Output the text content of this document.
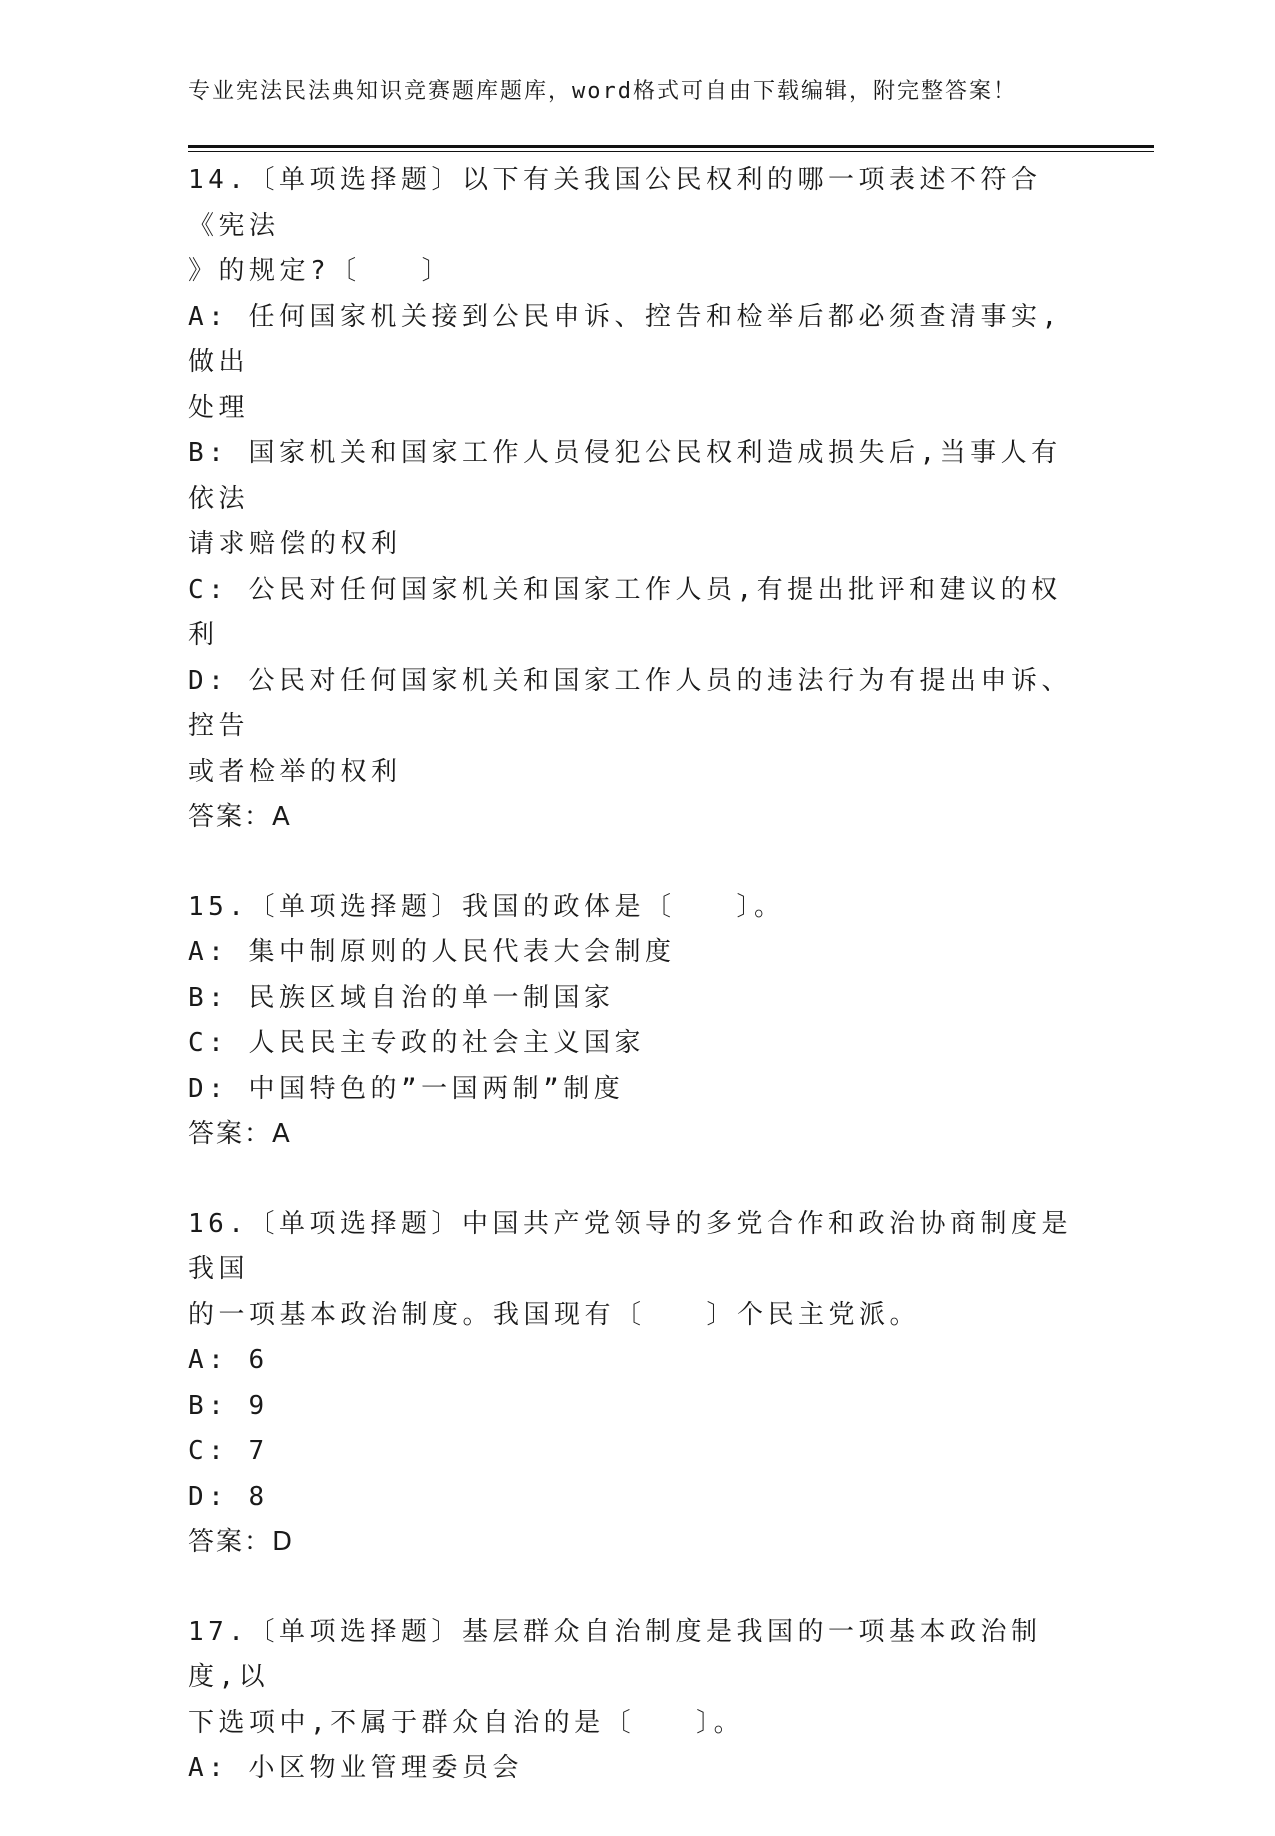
专业宪法民法典知识竞赛题库题库，word格式可自由下载编辑，附完整答案！
14.〔单项选择题〕以下有关我国公民权利的哪一项表述不符合《宪法
》的规定?〔　　〕
A: 任何国家机关接到公民申诉、控告和检举后都必须查清事实,做出
处理
B: 国家机关和国家工作人员侵犯公民权利造成损失后,当事人有依法
请求赔偿的权利
C: 公民对任何国家机关和国家工作人员,有提出批评和建议的权利
D: 公民对任何国家机关和国家工作人员的违法行为有提出申诉、控告
或者检举的权利
答案：A
15.〔单项选择题〕我国的政体是〔　　〕。
A: 集中制原则的人民代表大会制度
B: 民族区域自治的单一制国家
C: 人民民主专政的社会主义国家
D: 中国特色的”一国两制”制度
答案：A
16.〔单项选择题〕中国共产党领导的多党合作和政治协商制度是我国
的一项基本政治制度。我国现有〔　　〕个民主党派。
A: 6
B: 9
C: 7
D: 8
答案：D
17.〔单项选择题〕基层群众自治制度是我国的一项基本政治制度,以
下选项中,不属于群众自治的是〔　　〕。
A: 小区物业管理委员会
